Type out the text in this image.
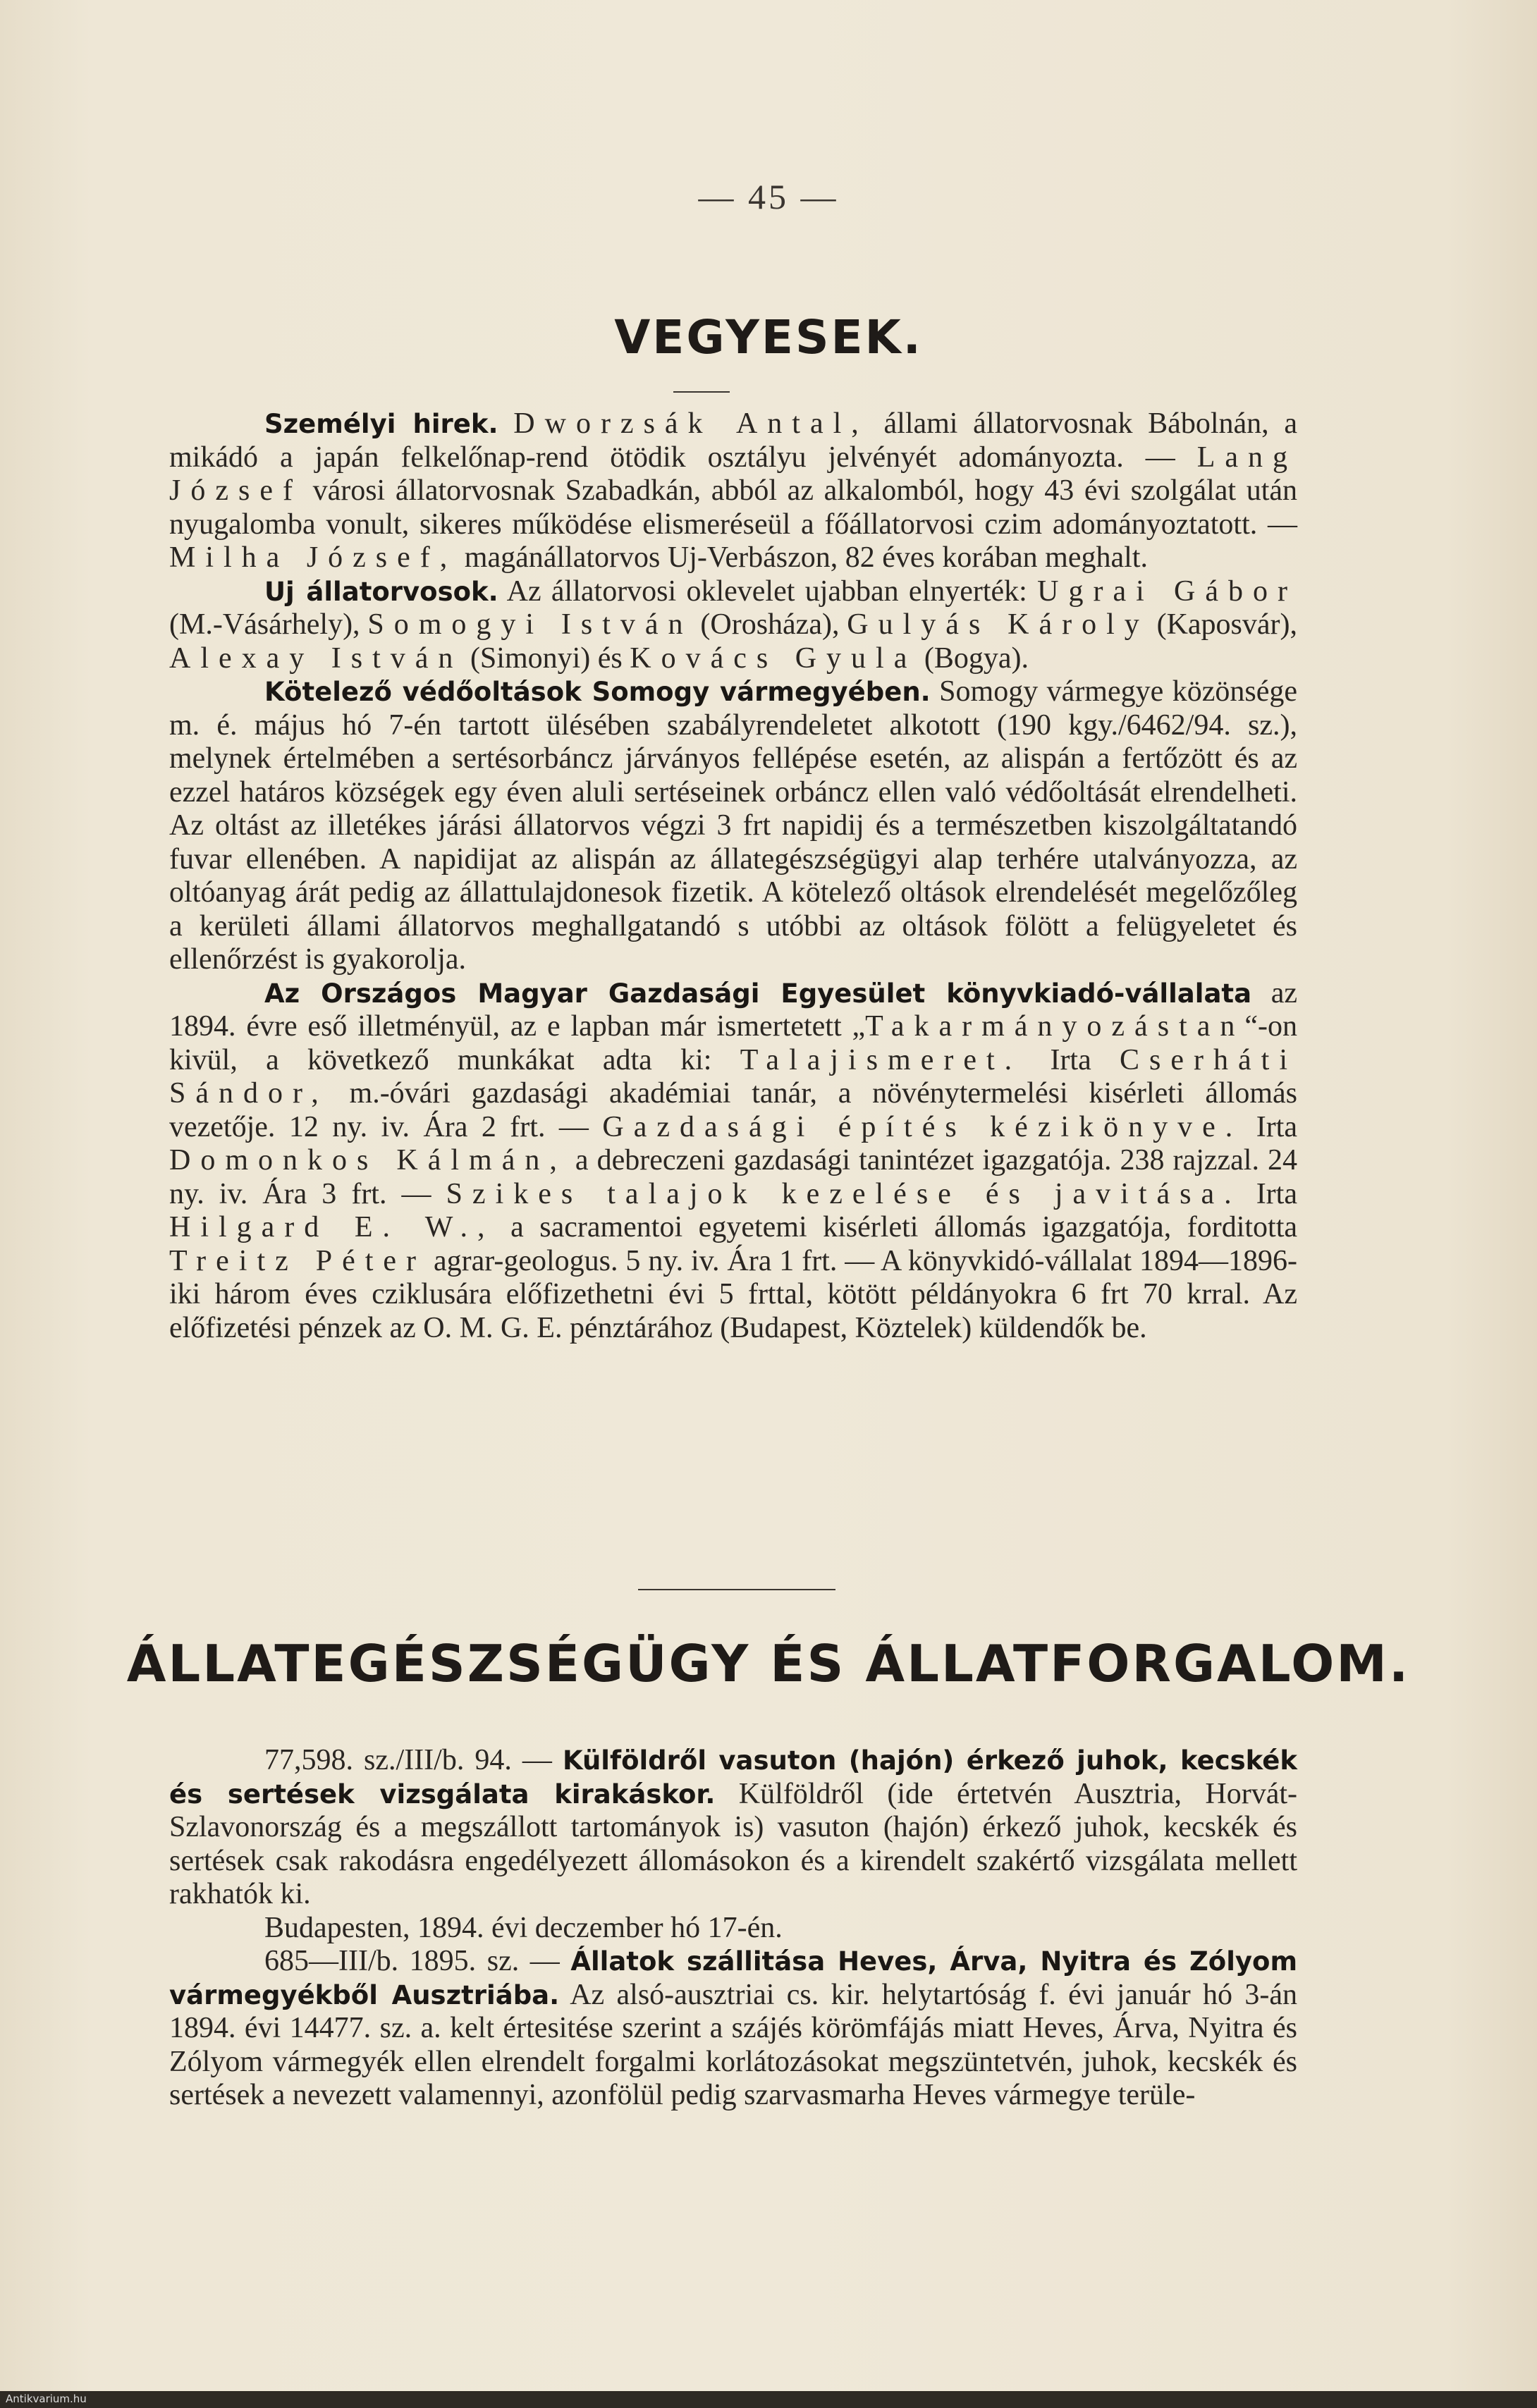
— 45 —
VEGYESEK.

Személyi hirek. Dworzsák Antal, állami állatorvosnak Bábolnán, a mikádó a japán felkelőnap-rend ötödik osztályu jelvényét adományozta. — Lang József városi állatorvosnak Szabadkán, abból az alkalomból, hogy 43 évi szolgálat után nyugalomba vonult, sikeres működése elismeréseül a főállatorvosi czim adományoztatott. — Milha József, magánállatorvos Uj-Verbászon, 82 éves korában meghalt.

Uj állatorvosok. Az állatorvosi oklevelet ujabban elnyerték: Ugrai Gábor (M.-Vásárhely), Somogyi István (Orosháza), Gulyás Károly (Kaposvár), Alexay István (Simonyi) és Kovács Gyula (Bogya).

Kötelező védőoltások Somogy vármegyében. Somogy vármegye közönsége m. é. május hó 7-én tartott ülésében szabályrendeletet alkotott (190 kgy./6462/94. sz.), melynek értelmében a sertésorbáncz járványos fellépése esetén, az alispán a fertőzött és az ezzel határos községek egy éven aluli sertéseinek orbáncz ellen való védőoltását elrendelheti. Az oltást az illetékes járási állatorvos végzi 3 frt napidij és a természetben kiszolgáltatandó fuvar ellenében. A napidijat az alispán az állategészségügyi alap terhére utalványozza, az oltóanyag árát pedig az állattulajdonesok fizetik. A kötelező oltások elrendelését megelőzőleg a kerületi állami állatorvos meghallgatandó s utóbbi az oltások fölött a felügyeletet és ellenőrzést is gyakorolja.

Az Országos Magyar Gazdasági Egyesület könyvkiadó-vállalata az 1894. évre eső illetményül, az e lapban már ismertetett „Takarmányozástan“-on kivül, a következő munkákat adta ki: Talajismeret. Irta Cserháti Sándor, m.-óvári gazdasági akadémiai tanár, a növénytermelési kisérleti állomás vezetője. 12 ny. iv. Ára 2 frt. — Gazdasági építés kézikönyve. Irta Domonkos Kálmán, a debreczeni gazdasági tanintézet igazgatója. 238 rajzzal. 24 ny. iv. Ára 3 frt. — Szikes talajok kezelése és javitása. Irta Hilgard E. W., a sacramentoi egyetemi kisérleti állomás igazgatója, forditotta Treitz Péter agrar-geologus. 5 ny. iv. Ára 1 frt. — A könyvkidó-vállalat 1894—1896-iki három éves cziklusára előfizethetni évi 5 frttal, kötött példányokra 6 frt 70 krral. Az előfizetési pénzek az O. M. G. E. pénztárához (Budapest, Köztelek) küldendők be.

ÁLLATEGÉSZSÉGÜGY ÉS ÁLLATFORGALOM.

77,598. sz./III/b. 94. — Külföldről vasuton (hajón) érkező juhok, kecskék és sertések vizsgálata kirakáskor. Külföldről (ide értetvén Ausztria, Horvát-Szlavonország és a megszállott tartományok is) vasuton (hajón) érkező juhok, kecskék és sertések csak rakodásra engedélyezett állomásokon és a kirendelt szakértő vizsgálata mellett rakhatók ki.

Budapesten, 1894. évi deczember hó 17-én.

685—III/b. 1895. sz. — Állatok szállitása Heves, Árva, Nyitra és Zólyom vármegyékből Ausztriába. Az alsó-ausztriai cs. kir. helytartóság f. évi január hó 3-án 1894. évi 14477. sz. a. kelt értesitése szerint a szájés körömfájás miatt Heves, Árva, Nyitra és Zólyom vármegyék ellen elrendelt forgalmi korlátozásokat megszüntetvén, juhok, kecskék és sertések a nevezett valamennyi, azonfölül pedig szarvasmarha Heves vármegye terüle-

Antikvarium.hu
